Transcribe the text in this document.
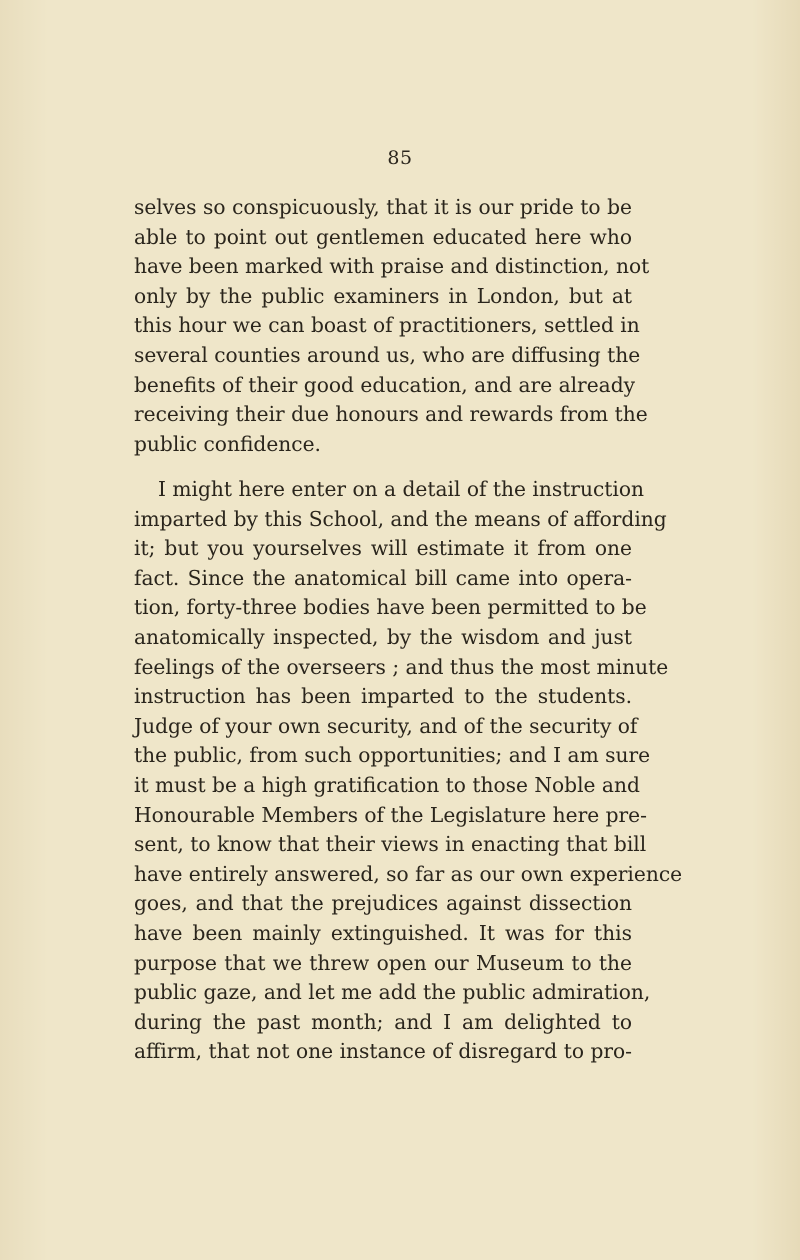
85
selves so conspicuously, that it is our pride to be
able to point out gentlemen educated here who
have been marked with praise and distinction, not
only by the public examiners in London, but at
this hour we can boast of practitioners, settled in
several counties around us, who are diffusing the
benefits of their good education, and are already
receiving their due honours and rewards from the
public confidence.
I might here enter on a detail of the instruction
imparted by this School, and the means of affording
it; but you yourselves will estimate it from one
fact. Since the anatomical bill came into opera-
tion, forty-three bodies have been permitted to be
anatomically inspected, by the wisdom and just
feelings of the overseers ; and thus the most minute
instruction has been imparted to the students.
Judge of your own security, and of the security of
the public, from such opportunities; and I am sure
it must be a high gratification to those Noble and
Honourable Members of the Legislature here pre-
sent, to know that their views in enacting that bill
have entirely answered, so far as our own experience
goes, and that the prejudices against dissection
have been mainly extinguished. It was for this
purpose that we threw open our Museum to the
public gaze, and let me add the public admiration,
during the past month; and I am delighted to
affirm, that not one instance of disregard to pro-
